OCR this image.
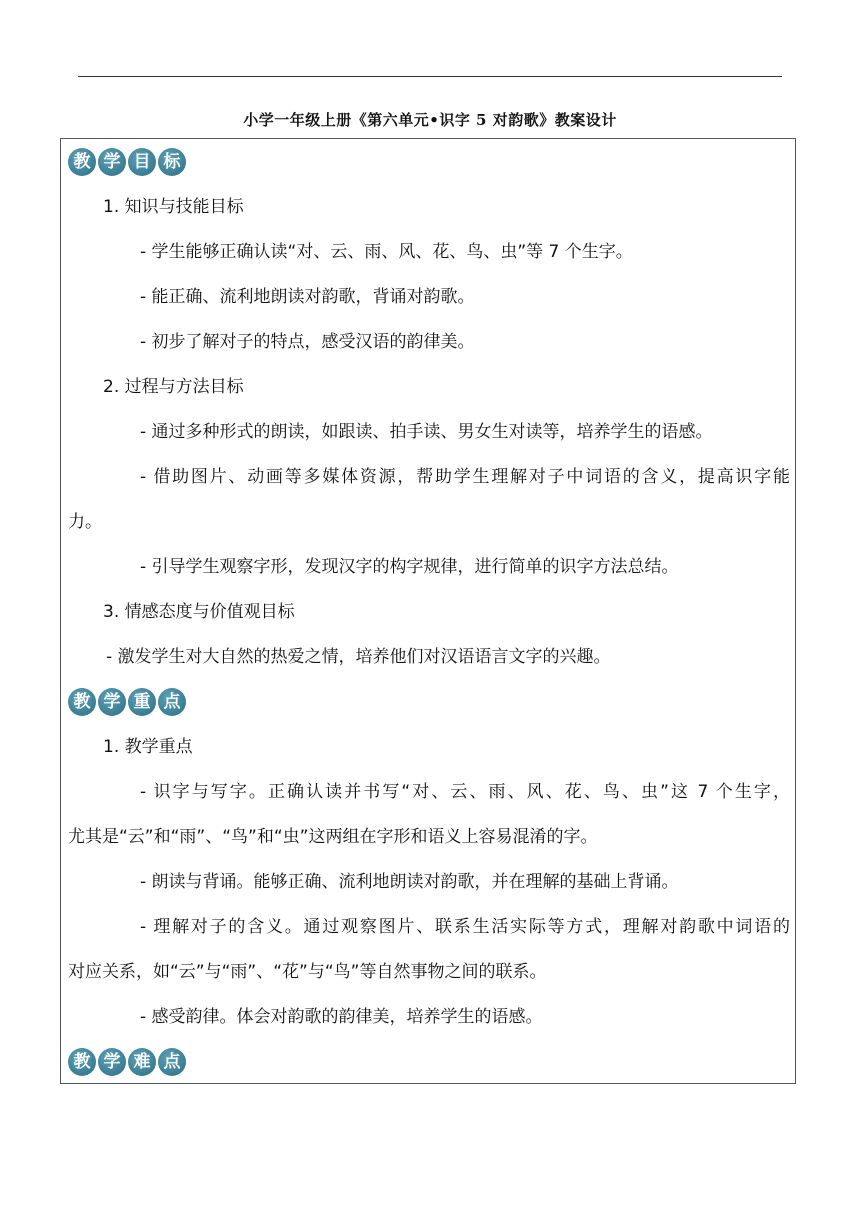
小学一年级上册《第六单元•识字 5 对韵歌》教案设计
教 学 目 标
1. 知识与技能目标
- 学生能够正确认读“对、云、雨、风、花、鸟、虫”等 7 个生字。
- 能正确、流利地朗读对韵歌，背诵对韵歌。
- 初步了解对子的特点，感受汉语的韵律美。
2. 过程与方法目标
- 通过多种形式的朗读，如跟读、拍手读、男女生对读等，培养学生的语感。
- 借助图片、动画等多媒体资源，帮助学生理解对子中词语的含义，提高识字能
力。
- 引导学生观察字形，发现汉字的构字规律，进行简单的识字方法总结。
3. 情感态度与价值观目标
- 激发学生对大自然的热爱之情，培养他们对汉语语言文字的兴趣。
教 学 重 点
1. 教学重点
- 识字与写字。正确认读并书写“对、云、雨、风、花、鸟、虫”这 7 个生字，
尤其是“云”和“雨”、“鸟”和“虫”这两组在字形和语义上容易混淆的字。
- 朗读与背诵。能够正确、流利地朗读对韵歌，并在理解的基础上背诵。
- 理解对子的含义。通过观察图片、联系生活实际等方式，理解对韵歌中词语的
对应关系，如“云”与“雨”、“花”与“鸟”等自然事物之间的联系。
- 感受韵律。体会对韵歌的韵律美，培养学生的语感。
教 学 难 点
